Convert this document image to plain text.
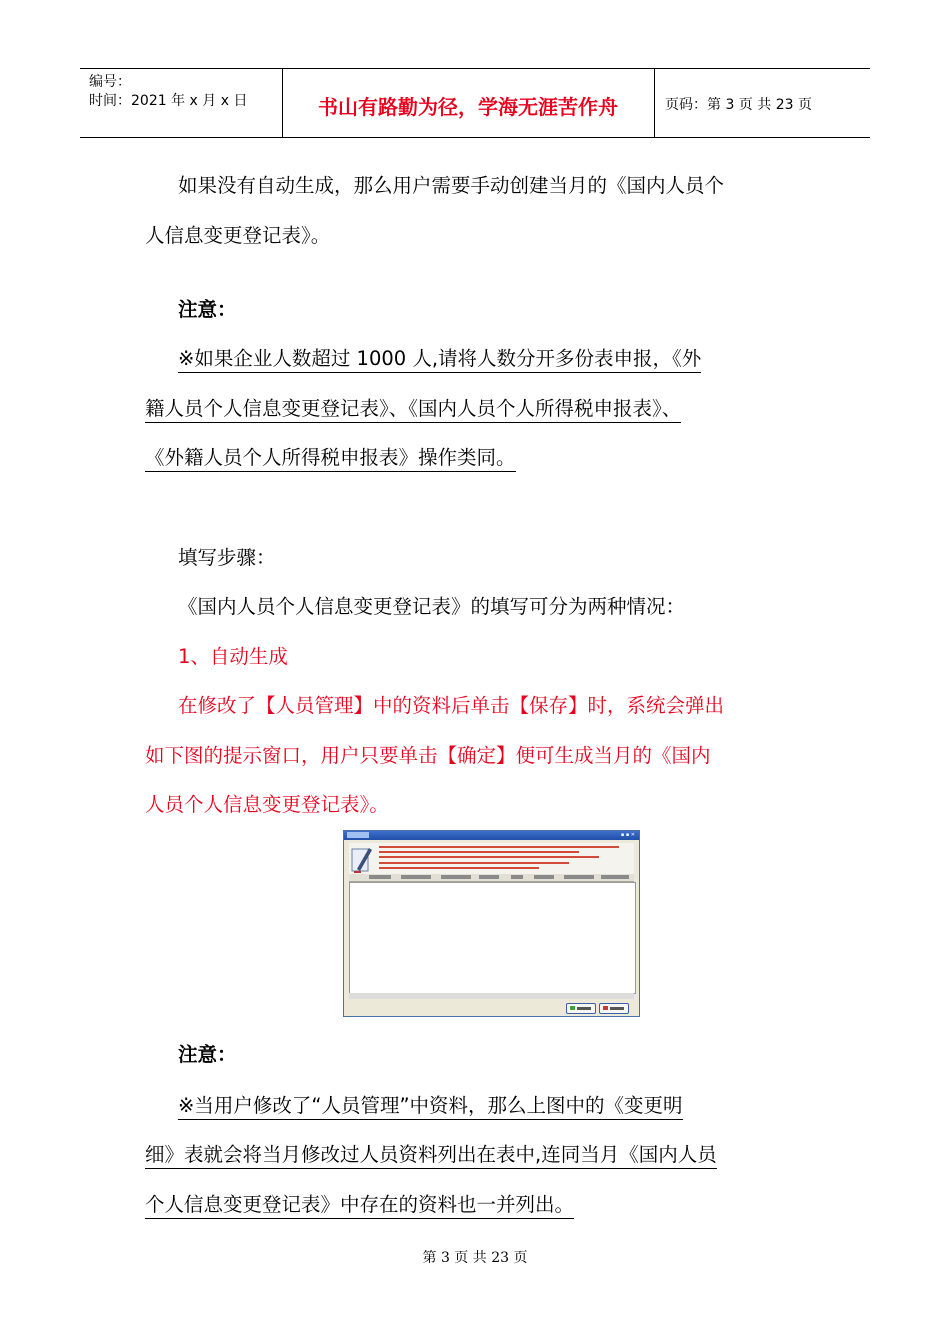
编号：
时间：2021 年 x 月 x 日	书山有路勤为径，学海无涯苦作舟	页码：第 3 页 共 23 页
如果没有自动生成，那么用户需要手动创建当月的《国内人员个
人信息变更登记表》。
注意：
※如果企业人数超过 1000 人,请将人数分开多份表申报，《外
籍人员个人信息变更登记表》、《国内人员个人所得税申报表》、
《外籍人员个人所得税申报表》操作类同。
填写步骤：
《国内人员个人信息变更登记表》的填写可分为两种情况：
1、自动生成
在修改了【人员管理】中的资料后单击【保存】时，系统会弹出
如下图的提示窗口，用户只要单击【确定】便可生成当月的《国内
人员个人信息变更登记表》。
▪ ▪ ✕
注意：
※当用户修改了“人员管理”中资料，那么上图中的《变更明
细》表就会将当月修改过人员资料列出在表中,连同当月《国内人员
个人信息变更登记表》中存在的资料也一并列出。
第 3 页 共 23 页
